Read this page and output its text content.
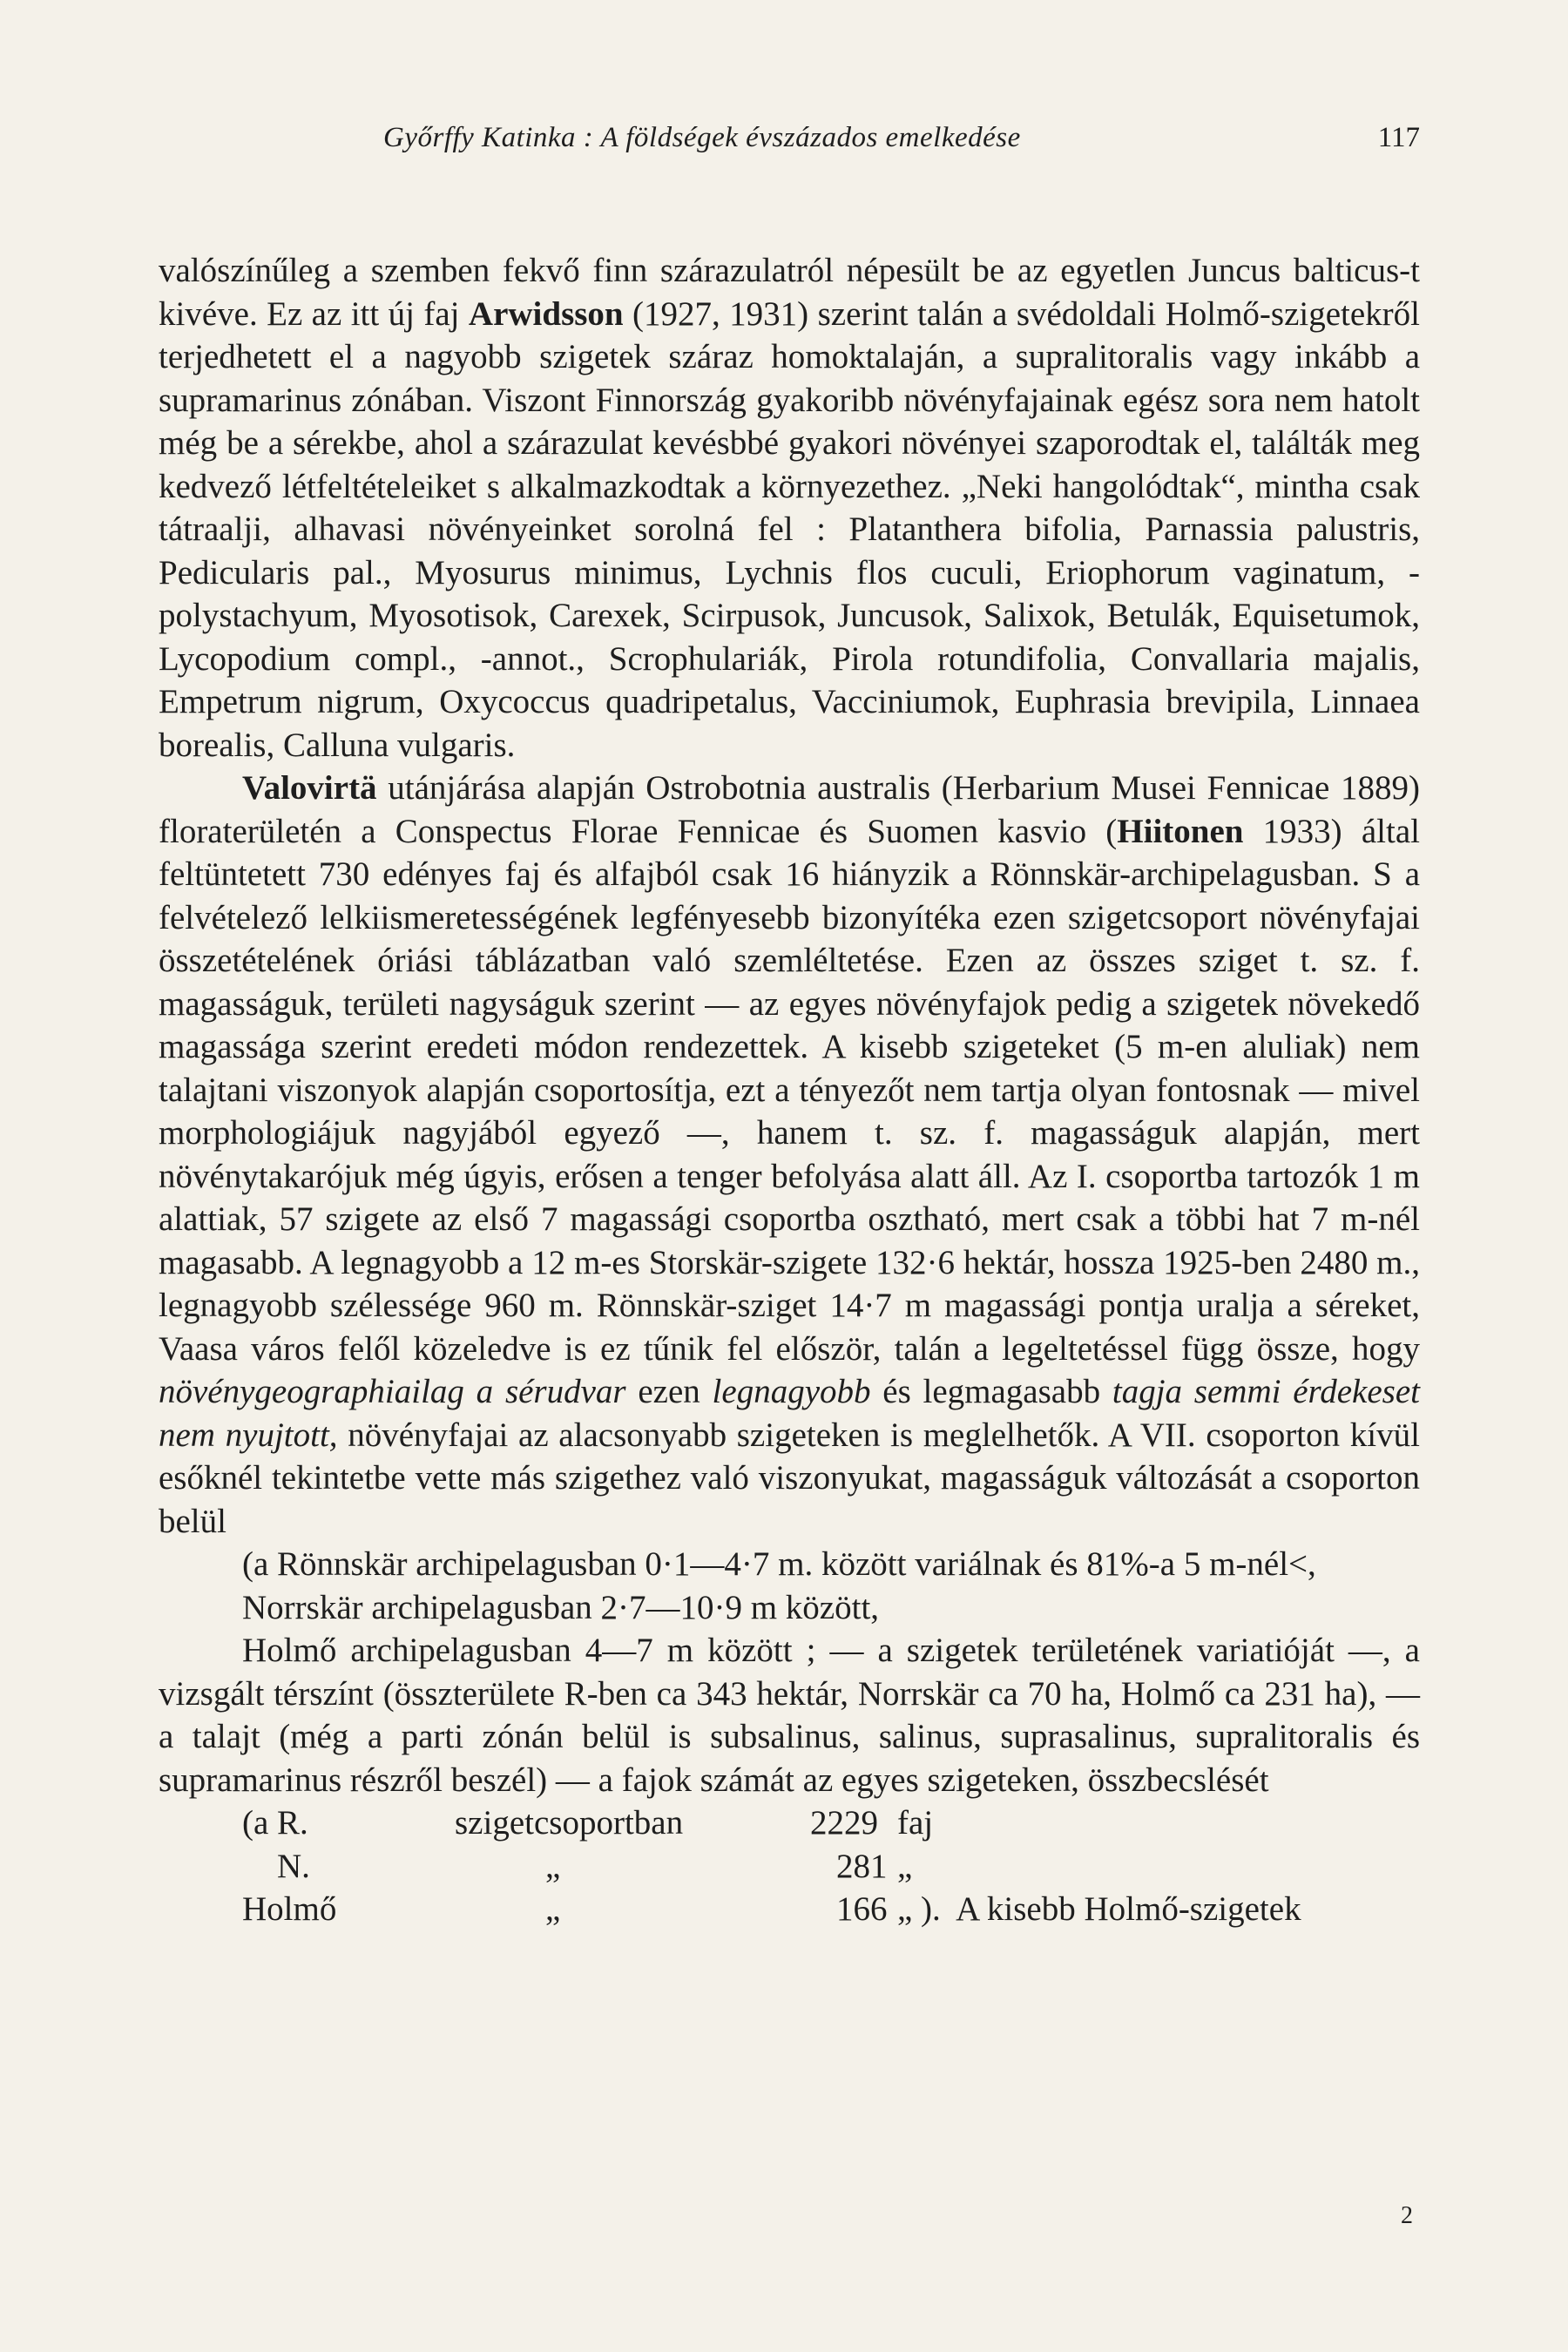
Győrffy Katinka : A földségek évszázados emelkedése	117

valószínűleg a szemben fekvő finn szárazulatról népesült be az egyetlen Juncus balticus-t kivéve. Ez az itt új faj Arwidsson (1927, 1931) szerint talán a svédoldali Holmő-szigetekről terjedhetett el a nagyobb szigetek száraz homoktalaján, a supralitoralis vagy inkább a supramarinus zónában. Viszont Finnország gyakoribb növényfajainak egész sora nem hatolt még be a sérekbe, ahol a szárazulat kevésbbé gyakori növényei szaporodtak el, találták meg kedvező létfeltételeiket s alkalmazkodtak a környezethez. „Neki hangolódtak“, mintha csak tátraalji, alhavasi növényeinket sorolná fel : Platanthera bifolia, Parnassia palustris, Pedicularis pal., Myosurus minimus, Lychnis flos cuculi, Eriophorum vaginatum, -polystachyum, Myosotisok, Carexek, Scirpusok, Juncusok, Salixok, Betulák, Equisetumok, Lycopodium compl., -annot., Scrophulariák, Pirola rotundifolia, Convallaria majalis, Empetrum nigrum, Oxycoccus quadripetalus, Vacciniumok, Euphrasia brevipila, Linnaea borealis, Calluna vulgaris.

Valovirtä utánjárása alapján Ostrobotnia australis (Herbarium Musei Fennicae 1889) floraterületén a Conspectus Florae Fennicae és Suomen kasvio (Hiitonen 1933) által feltüntetett 730 edényes faj és alfajból csak 16 hiányzik a Rönnskär-archipelagusban. S a felvételező lelkiismeretességének legfényesebb bizonyítéka ezen szigetcsoport növényfajai összetételének óriási táblázatban való szemléltetése. Ezen az összes sziget t. sz. f. magasságuk, területi nagyságuk szerint — az egyes növényfajok pedig a szigetek növekedő magassága szerint eredeti módon rendezettek. A kisebb szigeteket (5 m-en aluliak) nem talajtani viszonyok alapján csoportosítja, ezt a tényezőt nem tartja olyan fontosnak — mivel morphologiájuk nagyjából egyező —, hanem t. sz. f. magasságuk alapján, mert növénytakarójuk még úgyis, erősen a tenger befolyása alatt áll. Az I. csoportba tartozók 1 m alattiak, 57 szigete az első 7 magassági csoportba osztható, mert csak a többi hat 7 m-nél magasabb. A legnagyobb a 12 m-es Storskär-szigete 132·6 hektár, hossza 1925-ben 2480 m., legnagyobb szélessége 960 m. Rönnskär-sziget 14·7 m magassági pontja uralja a séreket, Vaasa város felől közeledve is ez tűnik fel először, talán a legeltetéssel függ össze, hogy növénygeographiailag a sérudvar ezen legnagyobb és legmagasabb tagja semmi érdekeset nem nyujtott, növényfajai az alacsonyabb szigeteken is meglelhetők. A VII. csoporton kívül esőknél tekintetbe vette más szigethez való viszonyukat, magasságuk változását a csoporton belül

(a Rönnskär archipelagusban 0·1—4·7 m. között variálnak és 81%-a 5 m-nél<,

Norrskär archipelagusban 2·7—10·9 m között,

Holmő archipelagusban 4—7 m között ; — a szigetek területének variatióját —, a vizsgált térszínt (összterülete R-ben ca 343 hektár, Norrskär ca 70 ha, Holmő ca 231 ha), — a talajt (még a parti zónán belül is subsalinus, salinus, suprasalinus, supralitoralis és supramarinus részről beszél) — a fajok számát az egyes szigeteken, összbecslését

(a R.	szigetcsoportban	2229 faj
N.	„	281 „
Holmő	„	166 „ ).  A kisebb Holmő-szigetek
2
